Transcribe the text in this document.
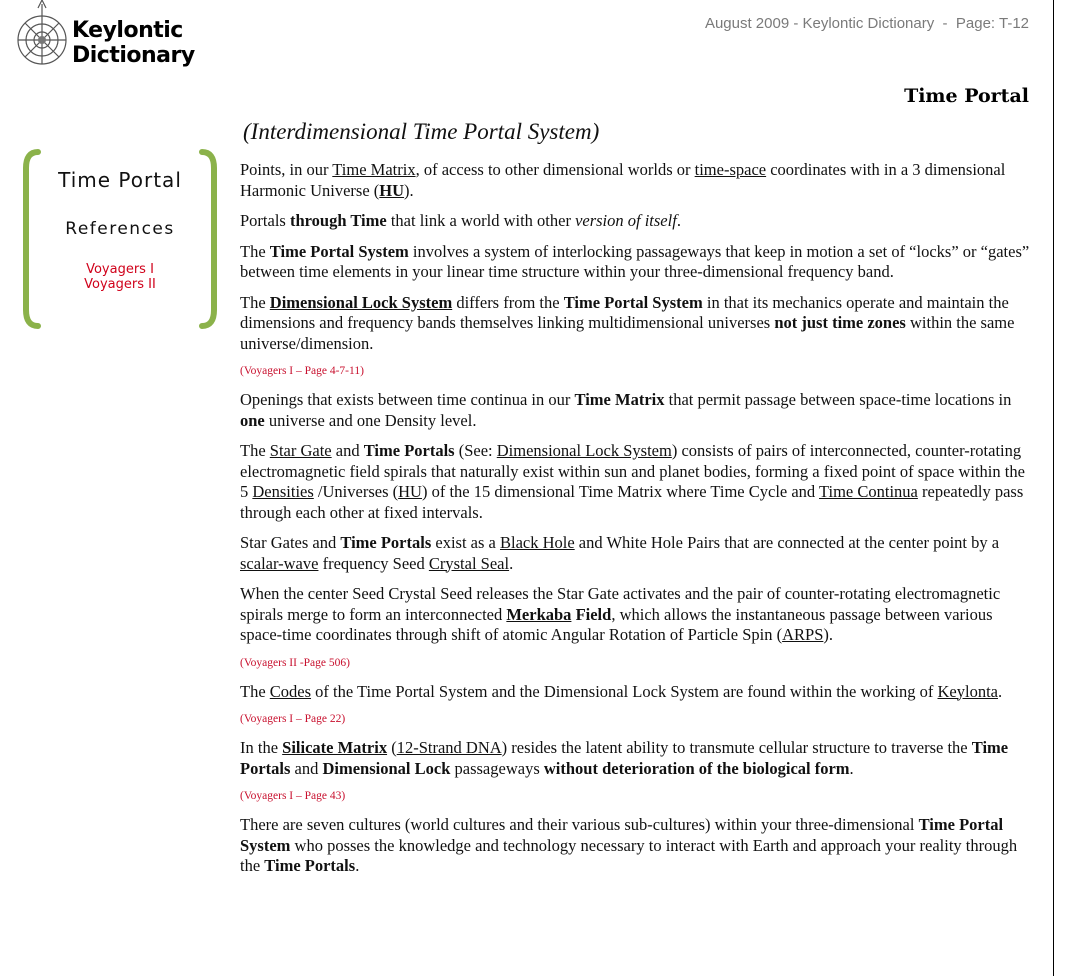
Keylontic
Dictionary
August 2009 - Keylontic Dictionary  -  Page: T-12
Time Portal
(Interdimensional Time Portal System)
Time Portal
References
Voyagers I
Voyagers II

Points, in our Time Matrix, of access to other dimensional worlds or time-space coordinates with in a 3 dimensional Harmonic Universe (HU).

Portals through Time that link a world with other version of itself.

The Time Portal System involves a system of interlocking passageways that keep in motion a set of “locks” or “gates” between time elements in your linear time structure within your three-dimensional frequency band.

The Dimensional Lock System differs from the Time Portal System in that its mechanics operate and maintain the dimensions and frequency bands themselves linking multidimensional universes not just time zones within the same universe/dimension.

(Voyagers I – Page 4-7-11)

Openings that exists between time continua in our Time Matrix that permit passage between space-time locations in one universe and one Density level.

The Star Gate and Time Portals (See: Dimensional Lock System) consists of pairs of interconnected, counter-rotating electromagnetic field spirals that naturally exist within sun and planet bodies, forming a fixed point of space within the 5 Densities /Universes (HU) of the 15 dimensional Time Matrix where Time Cycle and Time Continua repeatedly pass through each other at fixed intervals.

Star Gates and Time Portals exist as a Black Hole and White Hole Pairs that are connected at the center point by a scalar-wave frequency Seed Crystal Seal.

When the center Seed Crystal Seed releases the Star Gate activates and the pair of counter-rotating electromagnetic spirals merge to form an interconnected Merkaba Field, which allows the instantaneous passage between various space-time coordinates through shift of atomic Angular Rotation of Particle Spin (ARPS).

(Voyagers II -Page 506)

The Codes of the Time Portal System and the Dimensional Lock System are found within the working of Keylonta.

(Voyagers I – Page 22)

In the Silicate Matrix (12-Strand DNA) resides the latent ability to transmute cellular structure to traverse the Time Portals and Dimensional Lock passageways without deterioration of the biological form.

(Voyagers I – Page 43)

There are seven cultures (world cultures and their various sub-cultures) within your three-dimensional Time Portal System who posses the knowledge and technology necessary to interact with Earth and approach your reality through the Time Portals.
